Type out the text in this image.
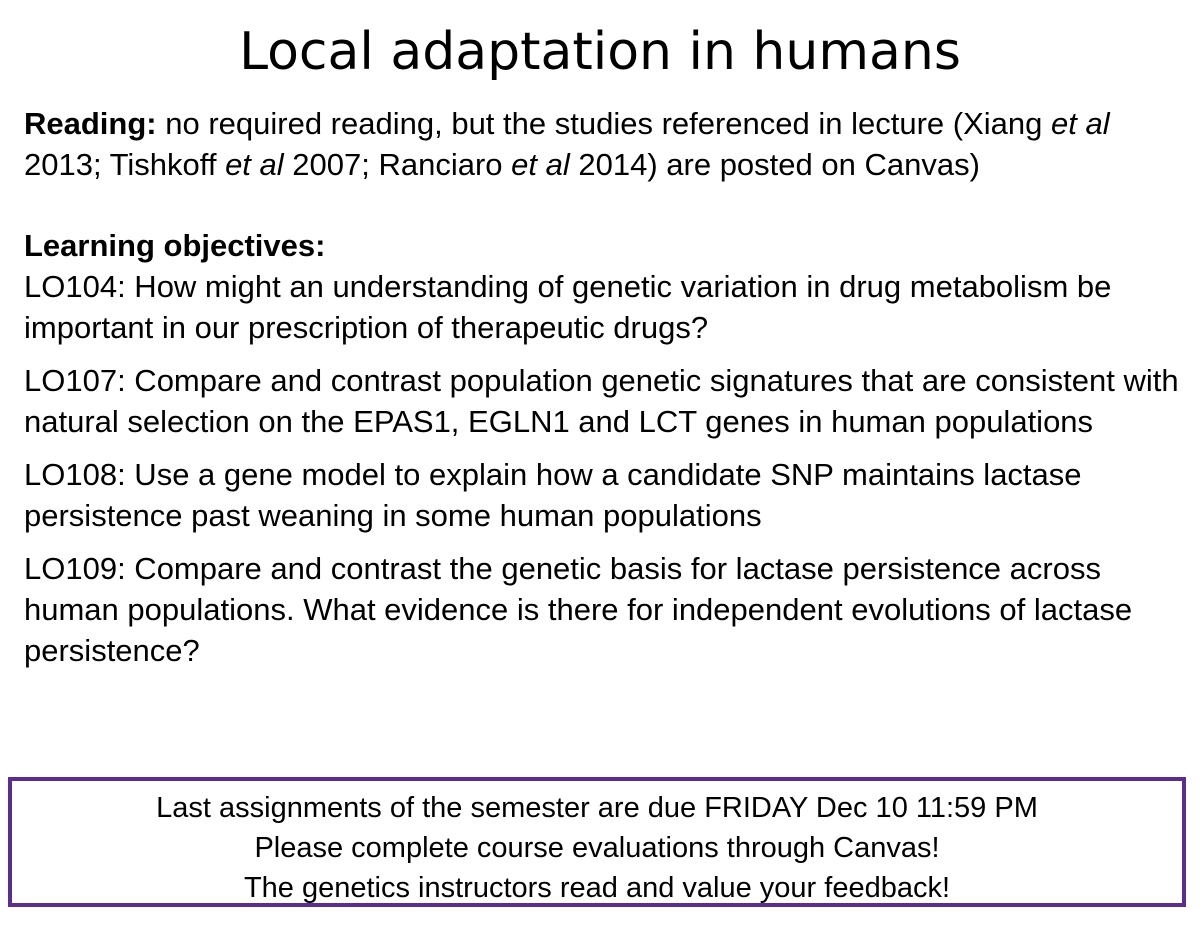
Local adaptation in humans

Reading: no required reading, but the studies referenced in lecture (Xiang et al 2013; Tishkoff et al 2007; Ranciaro et al 2014) are posted on Canvas)

Learning objectives:

LO104: How might an understanding of genetic variation in drug metabolism be important in our prescription of therapeutic drugs?

LO107: Compare and contrast population genetic signatures that are consistent with natural selection on the EPAS1, EGLN1 and LCT genes in human populations

LO108: Use a gene model to explain how a candidate SNP maintains lactase persistence past weaning in some human populations

LO109: Compare and contrast the genetic basis for lactase persistence across human populations. What evidence is there for independent evolutions of lactase persistence?

Last assignments of the semester are due FRIDAY Dec 10 11:59 PM
Please complete course evaluations through Canvas!
The genetics instructors read and value your feedback!
